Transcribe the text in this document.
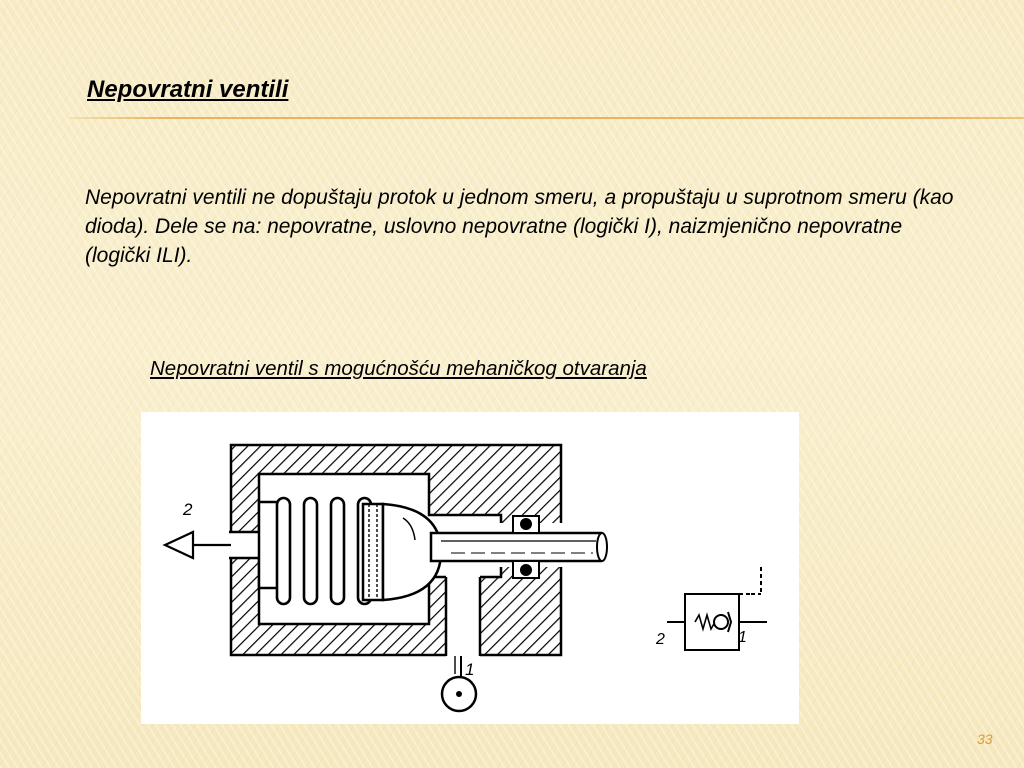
Nepovratni ventili
Nepovratni ventili ne dopuštaju protok u jednom smeru, a propuštaju u suprotnom smeru (kao dioda). Dele se na: nepovratne, uslovno nepovratne (logički I), naizmjenično nepovratne (logički ILI).
Nepovratni ventil s mogućnošću mehaničkog otvaranja
2
1
2	1
33
